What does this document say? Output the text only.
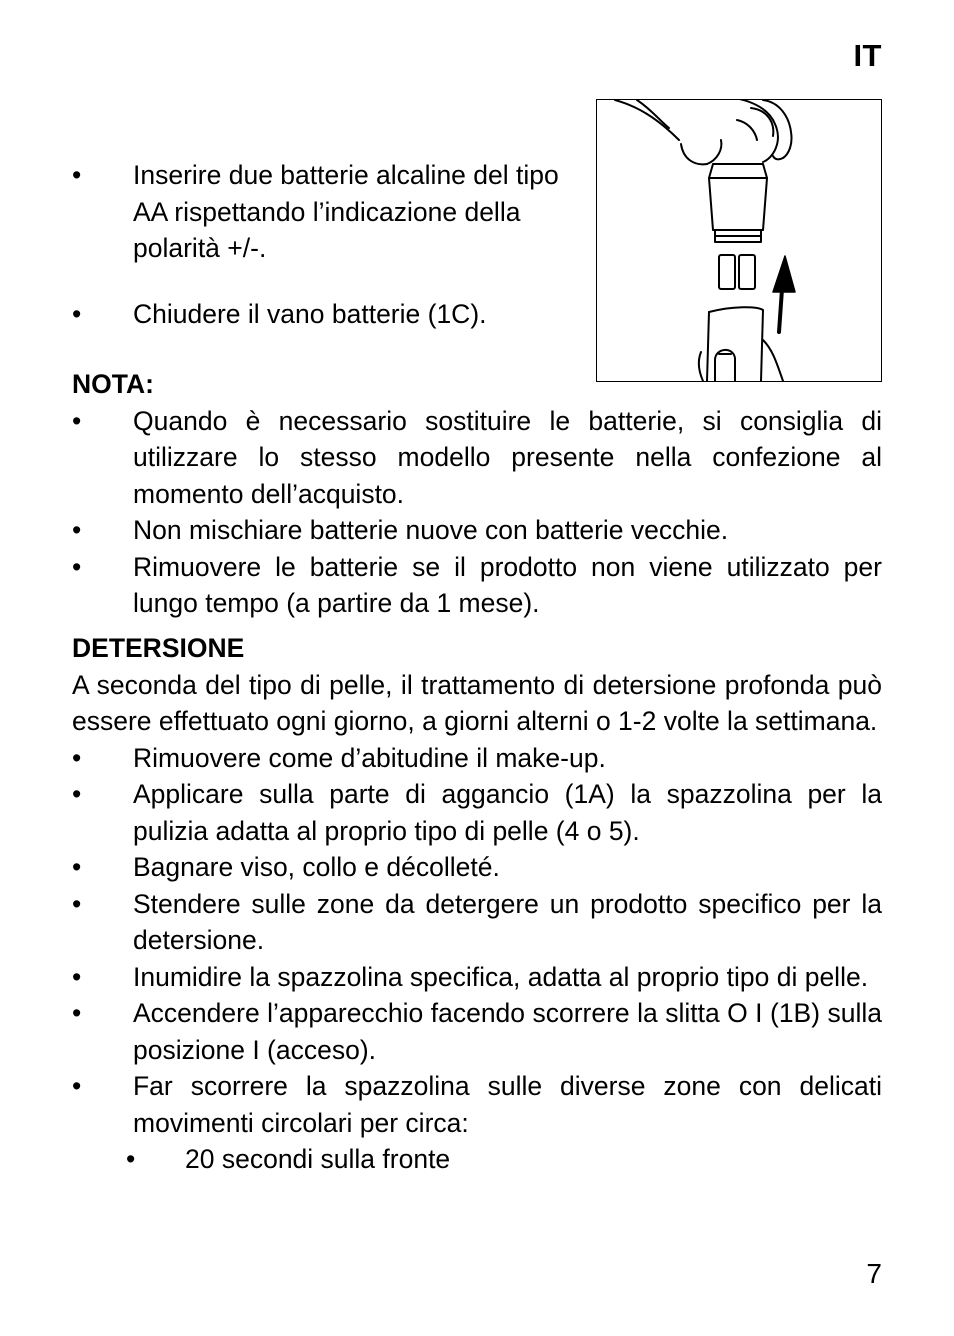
IT
• Inserire due batterie alcaline del tipo AA rispettando l’indicazione della polarità +/-.
• Chiudere il vano batterie (1C).
NOTA:
• Quando è necessario sostituire le batterie, si consiglia di utilizzare lo stesso modello presente nella confezione al momento dell’acquisto.
• Non mischiare batterie nuove con batterie vecchie.
• Rimuovere le batterie se il prodotto non viene utilizzato per lungo tempo (a partire da 1 mese).
DETERSIONE
A seconda del tipo di pelle, il trattamento di detersione profonda può essere effettuato ogni giorno, a giorni alterni o 1-2 volte la settimana.
• Rimuovere come d’abitudine il make-up.
• Applicare sulla parte di aggancio (1A) la spazzolina per la pulizia adatta al proprio tipo di pelle (4 o 5).
• Bagnare viso, collo e décolleté.
• Stendere sulle zone da detergere un prodotto specifico per la detersione.
• Inumidire la spazzolina specifica, adatta al proprio tipo di pelle.
• Accendere l’apparecchio facendo scorrere la slitta O I (1B) sulla posizione I (acceso).
• Far scorrere la spazzolina sulle diverse zone con delicati movimenti circolari per circa:
• 20 secondi sulla fronte
7
